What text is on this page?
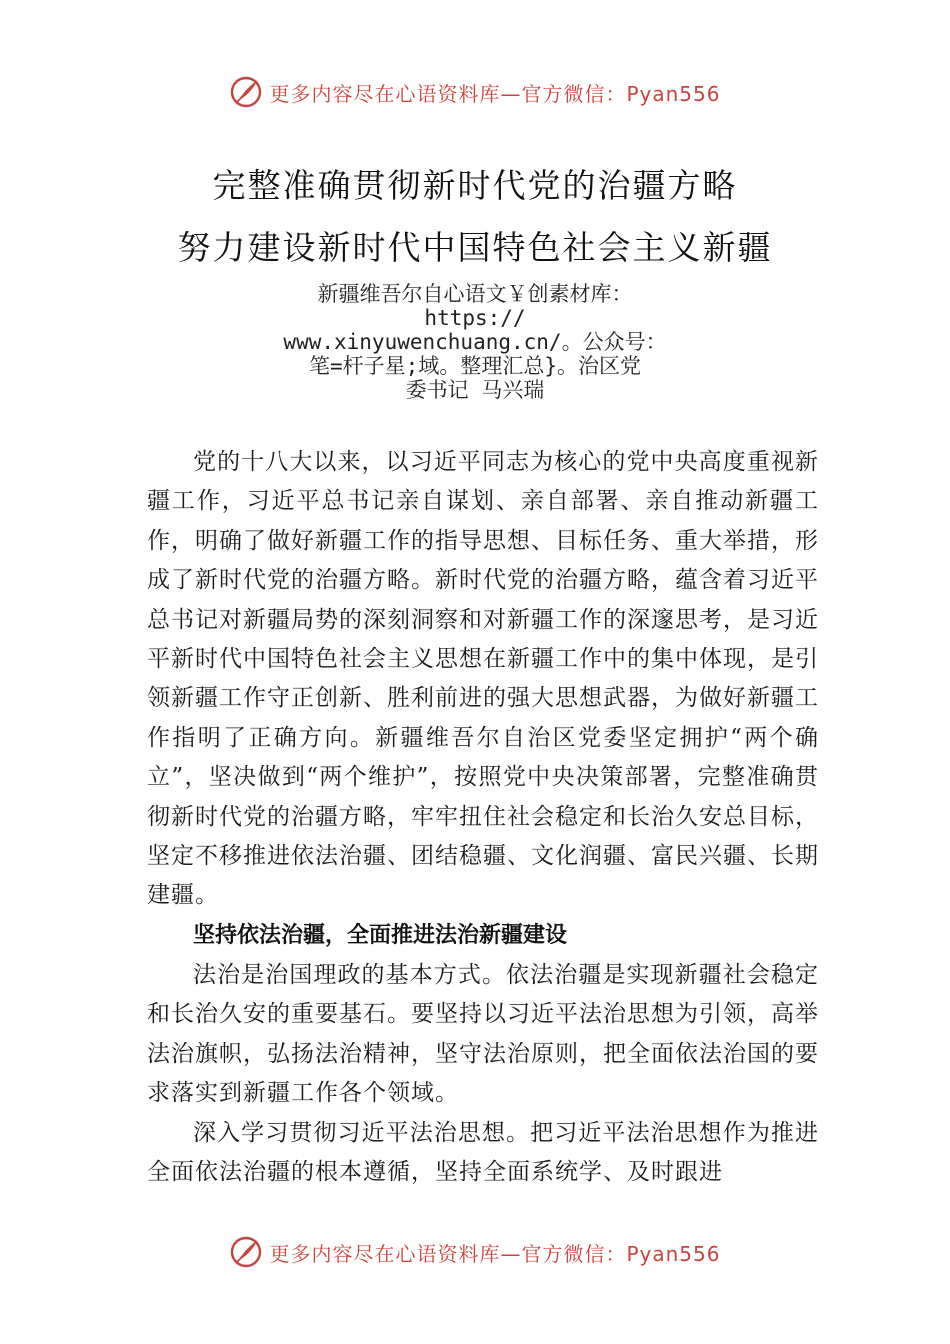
更多内容尽在心语资料库—官方微信：Pyan556
完整准确贯彻新时代党的治疆方略
努力建设新时代中国特色社会主义新疆
新疆维吾尔自心语文￥创素材库：
https://
www.xinyuwenchuang.cn/。公众号：
笔=杆子星;域。整理汇总}。治区党
委书记 马兴瑞

党的十八大以来，以习近平同志为核心的党中央高度重视新疆工作，习近平总书记亲自谋划、亲自部署、亲自推动新疆工作，明确了做好新疆工作的指导思想、目标任务、重大举措，形成了新时代党的治疆方略。新时代党的治疆方略，蕴含着习近平总书记对新疆局势的深刻洞察和对新疆工作的深邃思考，是习近平新时代中国特色社会主义思想在新疆工作中的集中体现，是引领新疆工作守正创新、胜利前进的强大思想武器，为做好新疆工作指明了正确方向。新疆维吾尔自治区党委坚定拥护“两个确立”，坚决做到“两个维护”，按照党中央决策部署，完整准确贯彻新时代党的治疆方略，牢牢扭住社会稳定和长治久安总目标，坚定不移推进依法治疆、团结稳疆、文化润疆、富民兴疆、长期建疆。

坚持依法治疆，全面推进法治新疆建设

法治是治国理政的基本方式。依法治疆是实现新疆社会稳定和长治久安的重要基石。要坚持以习近平法治思想为引领，高举法治旗帜，弘扬法治精神，坚守法治原则，把全面依法治国的要求落实到新疆工作各个领域。

深入学习贯彻习近平法治思想。把习近平法治思想作为推进全面依法治疆的根本遵循，坚持全面系统学、及时跟进

更多内容尽在心语资料库—官方微信：Pyan556
